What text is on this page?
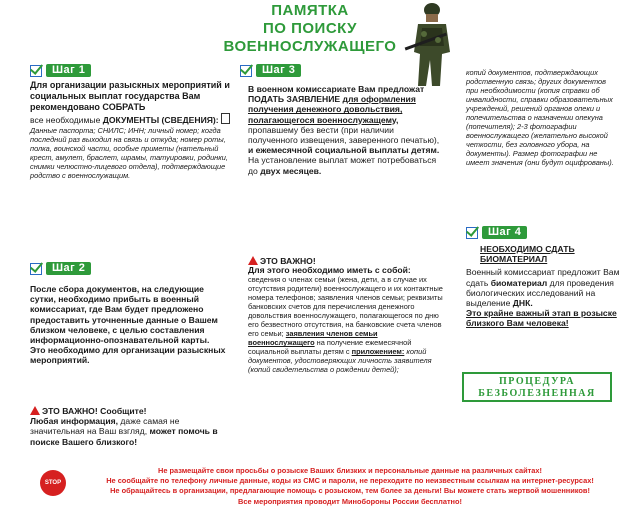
ПАМЯТКА
ПО ПОИСКУ
ВОЕННОСЛУЖАЩЕГО
Шаг 1
Для организации разыскных мероприятий и социальных выплат государства Вам рекомендовано СОБРАТЬ
все необходимые ДОКУМЕНТЫ (СВЕДЕНИЯ):
Данные паспорта; СНИЛС; ИНН; личный номер; когда последний раз выходил на связь и откуда; номер роты, полка, воинской части, особые приметы (нательный крест, амулет, браслет, шрамы, татуировки, родинки, снимки челюстно-лицевого отдела), подтверждающие родство с военнослужащим.
Шаг 2
После сбора документов, на следующие сутки, необходимо прибыть в военный комиссариат, где Вам будет предложено предоставить уточненные данные о Вашем близком человеке, с целью составления информационно-опознавательной карты.
Это необходимо для организации разыскных мероприятий.
ЭТО ВАЖНО! Сообщите!
Любая информация, даже самая не значительная на Ваш взгляд, может помочь в поиске Вашего близкого!
Шаг 3
В военном комиссариате Вам предложат ПОДАТЬ ЗАЯВЛЕНИЕ для оформления получения денежного довольствия, полагающегося военнослужащему, пропавшему без вести (при наличии полученного извещения, заверенного печатью), и ежемесячной социальной выплаты детям.
На установление выплат может потребоваться до двух месяцев.
ЭТО ВАЖНО!
Для этого необходимо иметь с собой: сведения о членах семьи (жена, дети, а в случае их отсутствия родители) военнослужащего и их контактные номера телефонов; заявления членов семьи; реквизиты банковских счетов для перечисления денежного довольствия военнослужащего, полагающегося по дню его безвестного отсутствия, на банковские счета членов его семьи; заявления членов семьи военнослужащего на получение ежемесячной социальной выплаты детям с приложением: копий документов, удостоверяющих личность заявителя (копий свидетельства о рождении детей);
копий документов, подтверждающих родственную связь; других документов при необходимости (копия справки об инвалидности, справки образовательных учреждений, решений органов опеки и попечительства о назначении опекуна (попечителя); 2-3 фотографии военнослужащего (желательно высокой четкости, без головного убора, на документы). Размер фотографии не имеет значения (они будут оцифрованы).
Шаг 4
НЕОБХОДИМО СДАТЬ БИОМАТЕРИАЛ
Военный комиссариат предложит Вам сдать биоматериал для проведения биологических исследований на выделение ДНК.
Это крайне важный этап в розыске близкого Вам человека!
ПРОЦЕДУРА
БЕЗБОЛЕЗНЕННАЯ
STOP
Не размещайте свои просьбы о розыске Ваших близких и персональные данные на различных сайтах!
Не сообщайте по телефону личные данные, коды из СМС и пароли, не переходите по неизвестным ссылкам на интернет-ресурсах!
Не обращайтесь в организации, предлагающие помощь с розыском, тем более за деньги! Вы можете стать жертвой мошенников!
Все мероприятия проводит Минобороны России бесплатно!
